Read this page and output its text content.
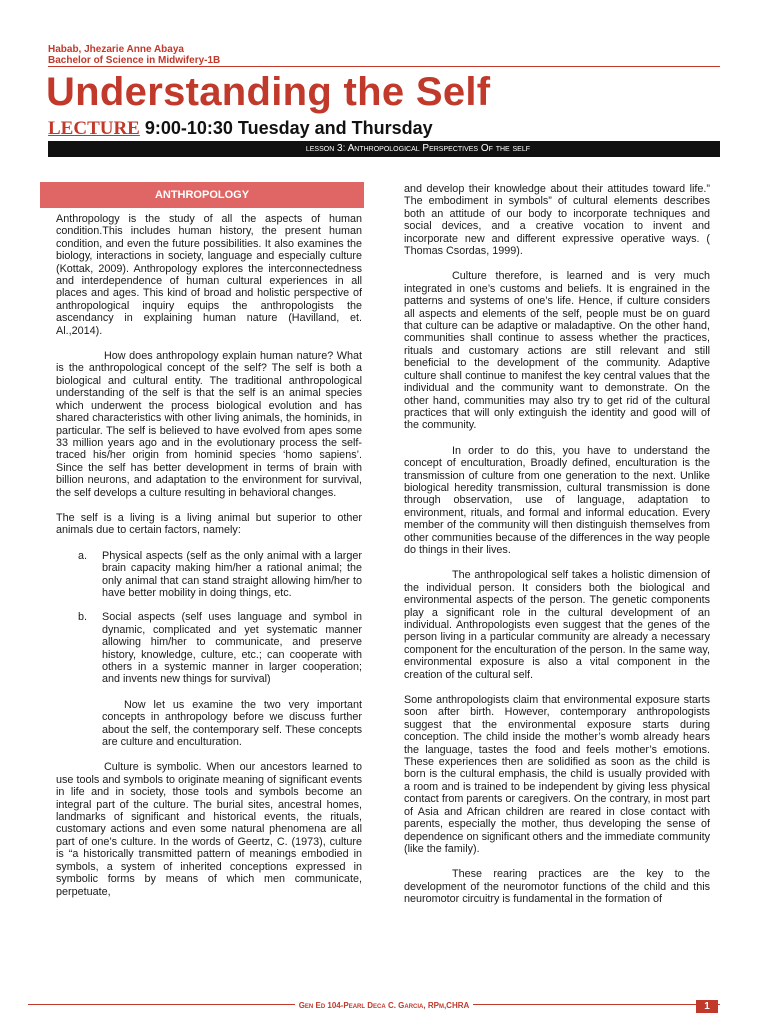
Habab, Jhezarie Anne Abaya
Bachelor of Science in Midwifery-1B
Understanding the Self
LECTURE 9:00-10:30 Tuesday and Thursday
lesson 3: Anthropological Perspectives Of the self
ANTHROPOLOGY

Anthropology is the study of all the aspects of human condition.This includes human history, the present human condition, and even the future possibilities. It also examines the biology, interactions in society, language and especially culture (Kottak, 2009). Anthropology explores the interconnectedness and interdependence of human cultural experiences in all places and ages. This kind of broad and holistic perspective of anthropological inquiry equips the anthropologists the ascendancy in explaining human nature (Havilland, et. Al.,2014).

How does anthropology explain human nature? What is the anthropological concept of the self? The self is both a biological and cultural entity. The traditional anthropological understanding of the self is that the self is an animal species which underwent the process biological evolution and has shared characteristics with other living animals, the hominids, in particular. The self is believed to have evolved from apes some 33 million years ago and in the evolutionary process the self-traced his/her origin from hominid species ‘homo sapiens’. Since the self has better development in terms of brain with billion neurons, and adaptation to the environment for survival, the self develops a culture resulting in behavioral changes.

The self is a living is a living animal but superior to other animals due to certain factors, namely:

a.	Physical aspects (self as the only animal with a larger brain capacity making him/her a rational animal; the only animal that can stand straight allowing him/her to have better mobility in doing things, etc.
b.	Social aspects (self uses language and symbol in dynamic, complicated and yet systematic manner allowing him/her to communicate, and preserve history, knowledge, culture, etc.; can cooperate with others in a systemic manner in larger cooperation; and invents new things for survival)

Now let us examine the two very important concepts in anthropology before we discuss further about the self, the contemporary self. These concepts are culture and enculturation.

Culture is symbolic. When our ancestors learned to use tools and symbols to originate meaning of significant events in life and in society, those tools and symbols become an integral part of the culture. The burial sites, ancestral homes, landmarks of significant and historical events, the rituals, customary actions and even some natural phenomena are all part of one’s culture. In the words of Geertz, C. (1973), culture is “a historically transmitted pattern of meanings embodied in symbols, a system of inherited conceptions expressed in symbolic forms by means of which men communicate, perpetuate,

and develop their knowledge about their attitudes toward life.” The embodiment in symbols” of cultural elements describes both an attitude of our body to incorporate techniques and social devices, and a creative vocation to invent and incorporate new and different expressive operative ways. ( Thomas Csordas, 1999).

Culture therefore, is learned and is very much integrated in one’s customs and beliefs. It is engrained in the patterns and systems of one’s life. Hence, if culture considers all aspects and elements of the self, people must be on guard that culture can be adaptive or maladaptive. On the other hand, communities shall continue to assess whether the practices, rituals and customary actions are still relevant and still beneficial to the development of the community. Adaptive culture shall continue to manifest the key central values that the individual and the community want to demonstrate. On the other hand, communities may also try to get rid of the cultural practices that will only extinguish the identity and good will of the community.

In order to do this, you have to understand the concept of enculturation, Broadly defined, enculturation is the transmission of culture from one generation to the next. Unlike biological heredity transmission, cultural transmission is done through observation, use of language, adaptation to environment, rituals, and formal and informal education. Every member of the community will then distinguish themselves from other communities because of the differences in the way people do things in their lives.

The anthropological self takes a holistic dimension of the individual person. It considers both the biological and environmental aspects of the person. The genetic components play a significant role in the cultural development of an individual. Anthropologists even suggest that the genes of the person living in a particular community are already a necessary component for the enculturation of the person. In the same way, environmental exposure is also a vital component in the creation of the cultural self.

Some anthropologists claim that environmental exposure starts soon after birth. However, contemporary anthropologists suggest that the environmental exposure starts during conception. The child inside the mother’s womb already hears the language, tastes the food and feels mother’s emotions. These experiences then are solidified as soon as the child is born is the cultural emphasis, the child is usually provided with a room and is trained to be independent by giving less physical contact from parents or caregivers. On the contrary, in most part of Asia and African children are reared in close contact with parents, especially the mother, thus developing the sense of dependence on significant others and the immediate community (like the family).

These rearing practices are the key to the development of the neuromotor functions of the child and this neuromotor circuitry is fundamental in the formation of

Gen Ed 104-Pearl Deca C. Garcia, RPm,CHRA	1
